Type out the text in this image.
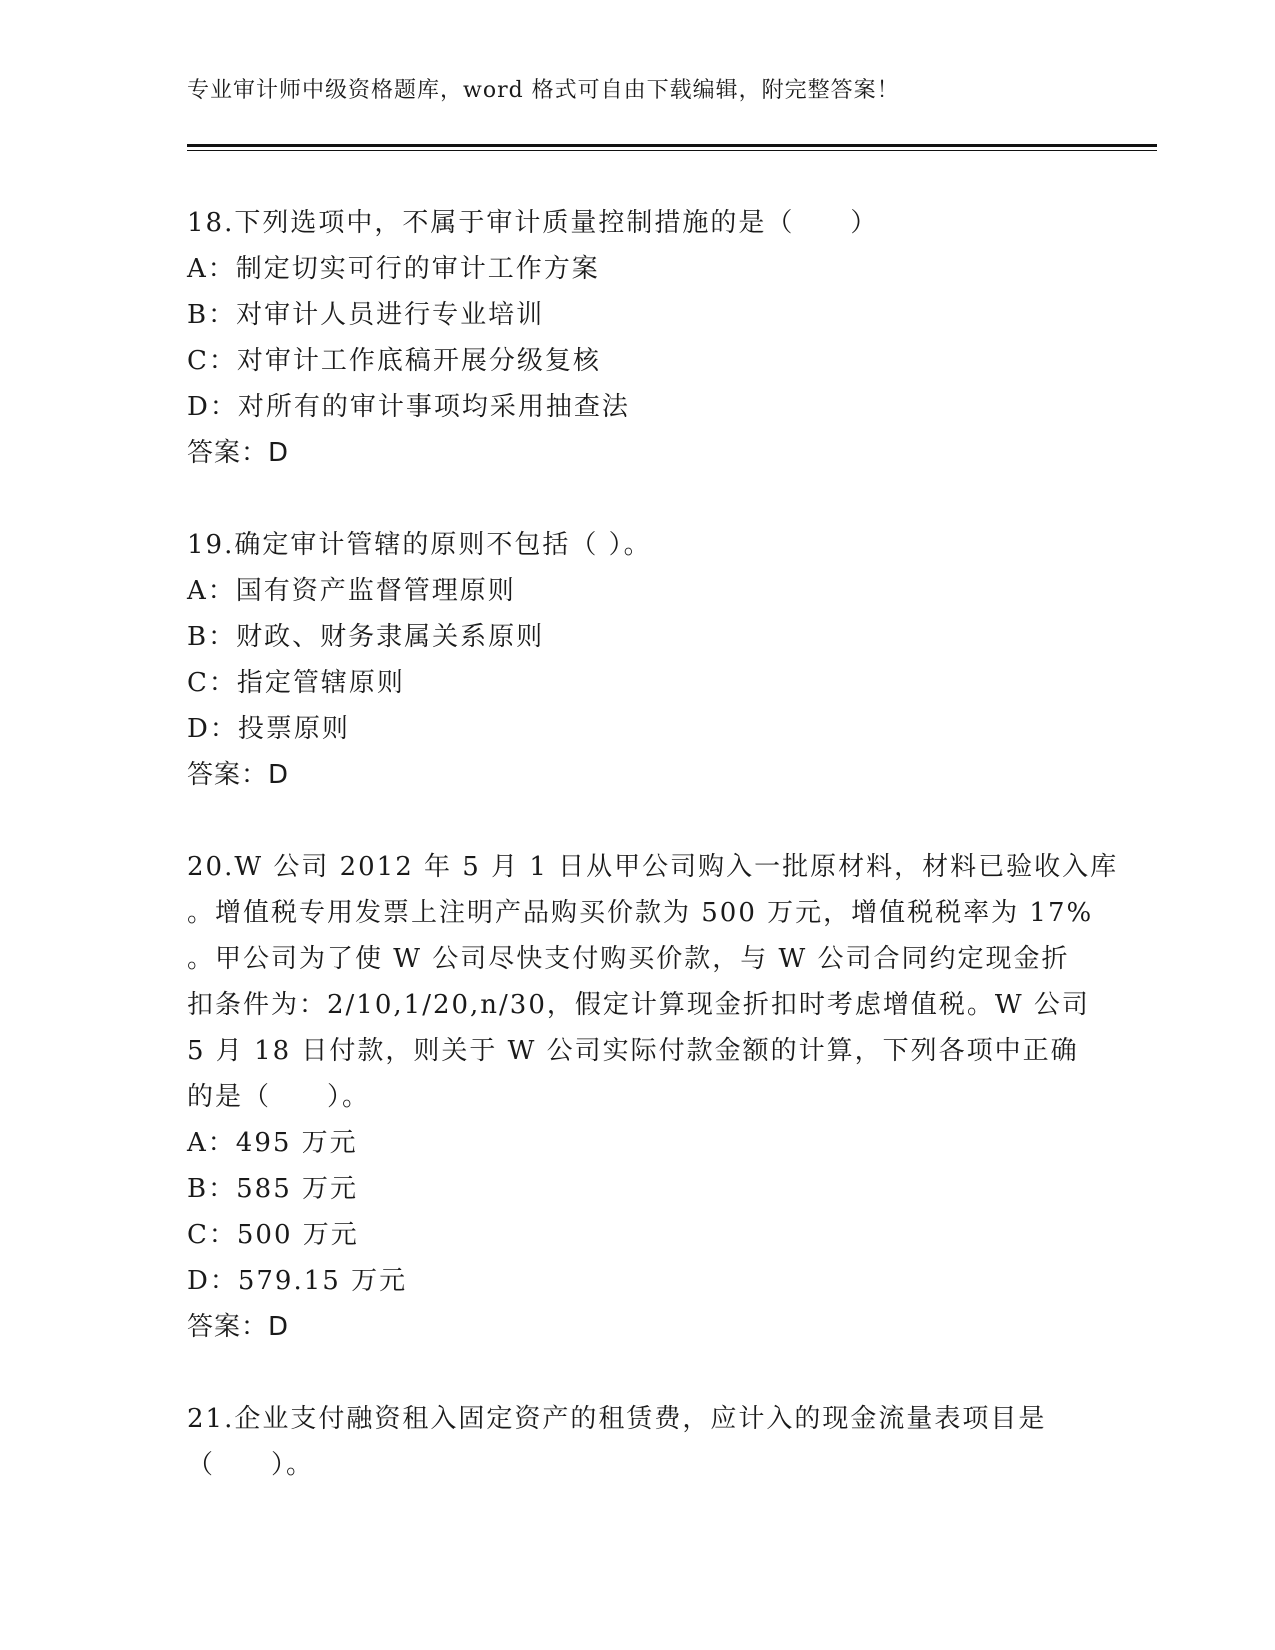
专业审计师中级资格题库，word 格式可自由下载编辑，附完整答案！
18.下列选项中，不属于审计质量控制措施的是（　　）
A：制定切实可行的审计工作方案
B：对审计人员进行专业培训
C：对审计工作底稿开展分级复核
D：对所有的审计事项均采用抽查法
答案：D
19.确定审计管辖的原则不包括（ ）。
A：国有资产监督管理原则
B：财政、财务隶属关系原则
C：指定管辖原则
D：投票原则
答案：D
20.W 公司 2012 年 5 月 1 日从甲公司购入一批原材料，材料已验收入库
。增值税专用发票上注明产品购买价款为 500 万元，增值税税率为 17%
。甲公司为了使 W 公司尽快支付购买价款，与 W 公司合同约定现金折
扣条件为：2/10,1/20,n/30，假定计算现金折扣时考虑增值税。W 公司
5 月 18 日付款，则关于 W 公司实际付款金额的计算，下列各项中正确
的是（　　）。
A：495 万元
B：585 万元
C：500 万元
D：579.15 万元
答案：D
21.企业支付融资租入固定资产的租赁费，应计入的现金流量表项目是
（　　）。
